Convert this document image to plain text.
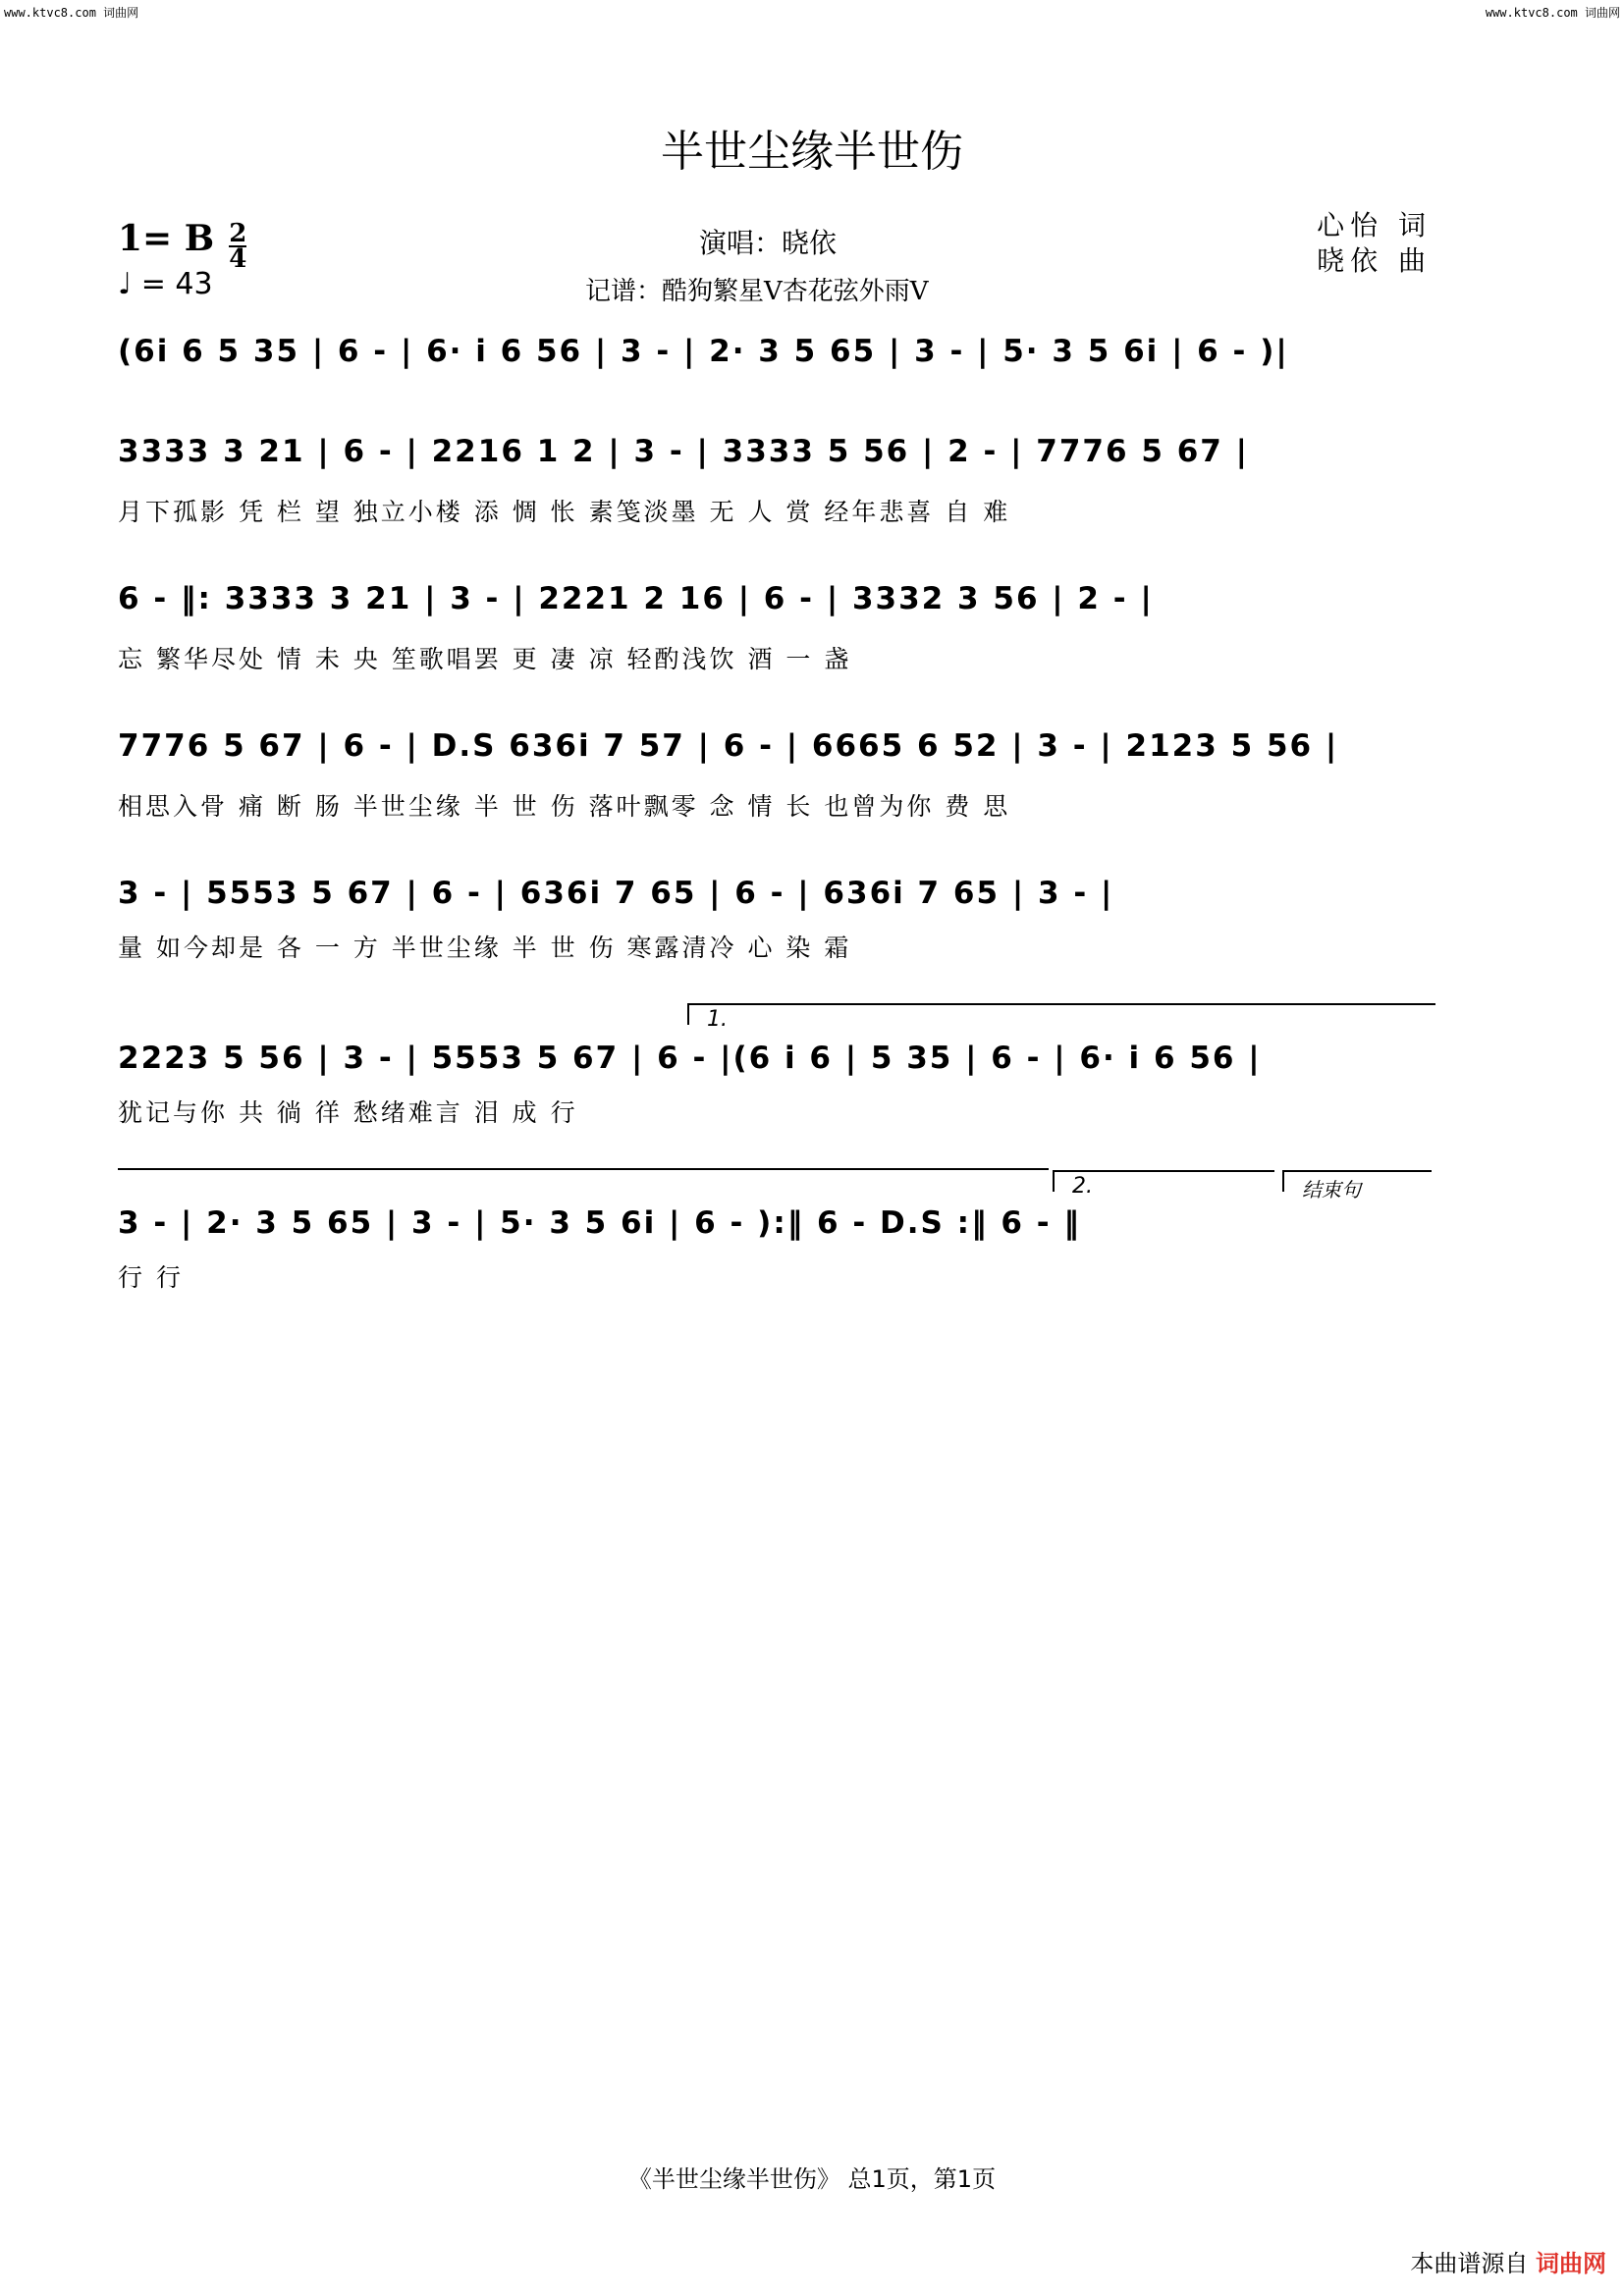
www.ktvc8.com 词曲网	www.ktvc8.com 词曲网
半世尘缘半世伤
1= B $\frac{2}{4}$
♩ = 43
演唱：晓依
记谱：酷狗繁星V杏花弦外雨V
心怡 词
晓依 曲
(6i 6 5 35 | 6 - | 6· i 6 56 | 3 - | 2· 3 5 65 | 3 - | 5· 3 5 6i | 6 - )|
3333 3 21 | 6 - | 2216 1 2 | 3 - | 3333 5 56 | 2 - | 7776 5 67 |
月下孤影 凭 栏 望 独立小楼 添 惆 怅 素笺淡墨 无 人 赏 经年悲喜 自 难
6 - ‖: 3333 3 21 | 3 - | 2221 2 16 | 6 - | 3332 3 56 | 2 - |
忘 繁华尽处 情 未 央 笙歌唱罢 更 凄 凉 轻酌浅饮 酒 一 盏
7776 5 67 | 6 - | D.S 636i 7 57 | 6 - | 6665 6 52 | 3 - | 2123 5 56 |
相思入骨 痛 断 肠 半世尘缘 半 世 伤 落叶飘零 念 情 长 也曾为你 费 思
3 - | 5553 5 67 | 6 - | 636i 7 65 | 6 - | 636i 7 65 | 3 - |
量 如今却是 各 一 方 半世尘缘 半 世 伤 寒露清冷 心 染 霜
1.
2223 5 56 | 3 - | 5553 5 67 | 6 - |(6 i 6 | 5 35 | 6 - | 6· i 6 56 |
犹记与你 共 徜 徉 愁绪难言 泪 成 行
2.	结束句
3 - | 2· 3 5 65 | 3 - | 5· 3 5 6i | 6 - ):‖ 6 - D.S :‖ 6 - ‖
行 行
《半世尘缘半世伤》 总1页，第1页
本曲谱源自 词曲网
